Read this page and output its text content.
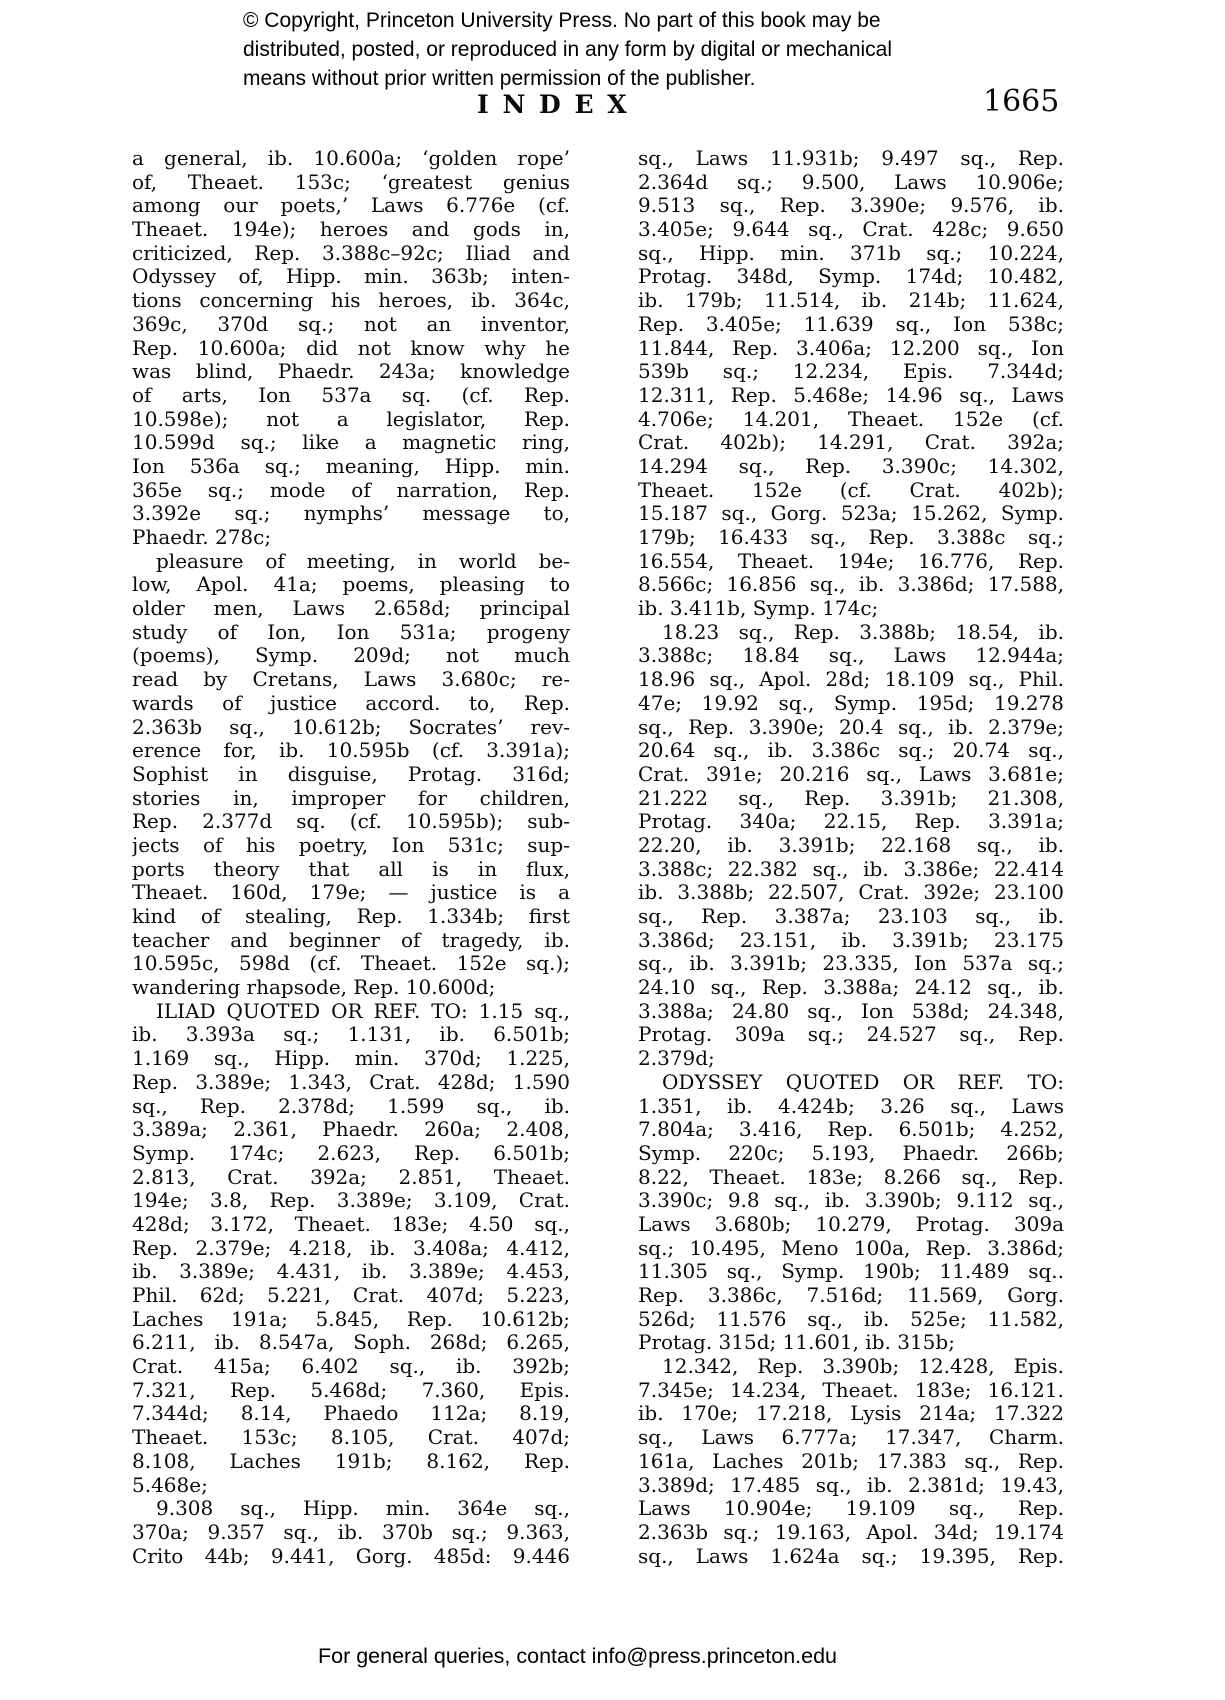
© Copyright, Princeton University Press. No part of this book may be
distributed, posted, or reproduced in any form by digital or mechanical
means without prior written permission of the publisher.
INDEX	1665
a general, ib. 10.600a; ‘golden rope’
of, Theaet. 153c; ‘greatest genius
among our poets,’ Laws 6.776e (cf.
Theaet. 194e); heroes and gods in,
criticized, Rep. 3.388c–92c; Iliad and
Odyssey of, Hipp. min. 363b; inten-
tions concerning his heroes, ib. 364c,
369c, 370d sq.; not an inventor,
Rep. 10.600a; did not know why he
was blind, Phaedr. 243a; knowledge
of arts, Ion 537a sq. (cf. Rep.
10.598e); not a legislator, Rep.
10.599d sq.; like a magnetic ring,
Ion 536a sq.; meaning, Hipp. min.
365e sq.; mode of narration, Rep.
3.392e sq.; nymphs’ message to,
Phaedr. 278c;
pleasure of meeting, in world be-
low, Apol. 41a; poems, pleasing to
older men, Laws 2.658d; principal
study of Ion, Ion 531a; progeny
(poems), Symp. 209d; not much
read by Cretans, Laws 3.680c; re-
wards of justice accord. to, Rep.
2.363b sq., 10.612b; Socrates’ rev-
erence for, ib. 10.595b (cf. 3.391a);
Sophist in disguise, Protag. 316d;
stories in, improper for children,
Rep. 2.377d sq. (cf. 10.595b); sub-
jects of his poetry, Ion 531c; sup-
ports theory that all is in flux,
Theaet. 160d, 179e; — justice is a
kind of stealing, Rep. 1.334b; first
teacher and beginner of tragedy, ib.
10.595c, 598d (cf. Theaet. 152e sq.);
wandering rhapsode, Rep. 10.600d;
ILIAD QUOTED OR REF. TO: 1.15 sq.,
ib. 3.393a sq.; 1.131, ib. 6.501b;
1.169 sq., Hipp. min. 370d; 1.225,
Rep. 3.389e; 1.343, Crat. 428d; 1.590
sq., Rep. 2.378d; 1.599 sq., ib.
3.389a; 2.361, Phaedr. 260a; 2.408,
Symp. 174c; 2.623, Rep. 6.501b;
2.813, Crat. 392a; 2.851, Theaet.
194e; 3.8, Rep. 3.389e; 3.109, Crat.
428d; 3.172, Theaet. 183e; 4.50 sq.,
Rep. 2.379e; 4.218, ib. 3.408a; 4.412,
ib. 3.389e; 4.431, ib. 3.389e; 4.453,
Phil. 62d; 5.221, Crat. 407d; 5.223,
Laches 191a; 5.845, Rep. 10.612b;
6.211, ib. 8.547a, Soph. 268d; 6.265,
Crat. 415a; 6.402 sq., ib. 392b;
7.321, Rep. 5.468d; 7.360, Epis.
7.344d; 8.14, Phaedo 112a; 8.19,
Theaet. 153c; 8.105, Crat. 407d;
8.108, Laches 191b; 8.162, Rep.
5.468e;
9.308 sq., Hipp. min. 364e sq.,
370a; 9.357 sq., ib. 370b sq.; 9.363,
Crito 44b; 9.441, Gorg. 485d: 9.446
sq., Laws 11.931b; 9.497 sq., Rep.
2.364d sq.; 9.500, Laws 10.906e;
9.513 sq., Rep. 3.390e; 9.576, ib.
3.405e; 9.644 sq., Crat. 428c; 9.650
sq., Hipp. min. 371b sq.; 10.224,
Protag. 348d, Symp. 174d; 10.482,
ib. 179b; 11.514, ib. 214b; 11.624,
Rep. 3.405e; 11.639 sq., Ion 538c;
11.844, Rep. 3.406a; 12.200 sq., Ion
539b sq.; 12.234, Epis. 7.344d;
12.311, Rep. 5.468e; 14.96 sq., Laws
4.706e; 14.201, Theaet. 152e (cf.
Crat. 402b); 14.291, Crat. 392a;
14.294 sq., Rep. 3.390c; 14.302,
Theaet. 152e (cf. Crat. 402b);
15.187 sq., Gorg. 523a; 15.262, Symp.
179b; 16.433 sq., Rep. 3.388c sq.;
16.554, Theaet. 194e; 16.776, Rep.
8.566c; 16.856 sq., ib. 3.386d; 17.588,
ib. 3.411b, Symp. 174c;
18.23 sq., Rep. 3.388b; 18.54, ib.
3.388c; 18.84 sq., Laws 12.944a;
18.96 sq., Apol. 28d; 18.109 sq., Phil.
47e; 19.92 sq., Symp. 195d; 19.278
sq., Rep. 3.390e; 20.4 sq., ib. 2.379e;
20.64 sq., ib. 3.386c sq.; 20.74 sq.,
Crat. 391e; 20.216 sq., Laws 3.681e;
21.222 sq., Rep. 3.391b; 21.308,
Protag. 340a; 22.15, Rep. 3.391a;
22.20, ib. 3.391b; 22.168 sq., ib.
3.388c; 22.382 sq., ib. 3.386e; 22.414
ib. 3.388b; 22.507, Crat. 392e; 23.100
sq., Rep. 3.387a; 23.103 sq., ib.
3.386d; 23.151, ib. 3.391b; 23.175
sq., ib. 3.391b; 23.335, Ion 537a sq.;
24.10 sq., Rep. 3.388a; 24.12 sq., ib.
3.388a; 24.80 sq., Ion 538d; 24.348,
Protag. 309a sq.; 24.527 sq., Rep.
2.379d;
ODYSSEY QUOTED OR REF. TO:
1.351, ib. 4.424b; 3.26 sq., Laws
7.804a; 3.416, Rep. 6.501b; 4.252,
Symp. 220c; 5.193, Phaedr. 266b;
8.22, Theaet. 183e; 8.266 sq., Rep.
3.390c; 9.8 sq., ib. 3.390b; 9.112 sq.,
Laws 3.680b; 10.279, Protag. 309a
sq.; 10.495, Meno 100a, Rep. 3.386d;
11.305 sq., Symp. 190b; 11.489 sq..
Rep. 3.386c, 7.516d; 11.569, Gorg.
526d; 11.576 sq., ib. 525e; 11.582,
Protag. 315d; 11.601, ib. 315b;
12.342, Rep. 3.390b; 12.428, Epis.
7.345e; 14.234, Theaet. 183e; 16.121.
ib. 170e; 17.218, Lysis 214a; 17.322
sq., Laws 6.777a; 17.347, Charm.
161a, Laches 201b; 17.383 sq., Rep.
3.389d; 17.485 sq., ib. 2.381d; 19.43,
Laws 10.904e; 19.109 sq., Rep.
2.363b sq.; 19.163, Apol. 34d; 19.174
sq., Laws 1.624a sq.; 19.395, Rep.
For general queries, contact info@press.princeton.edu
